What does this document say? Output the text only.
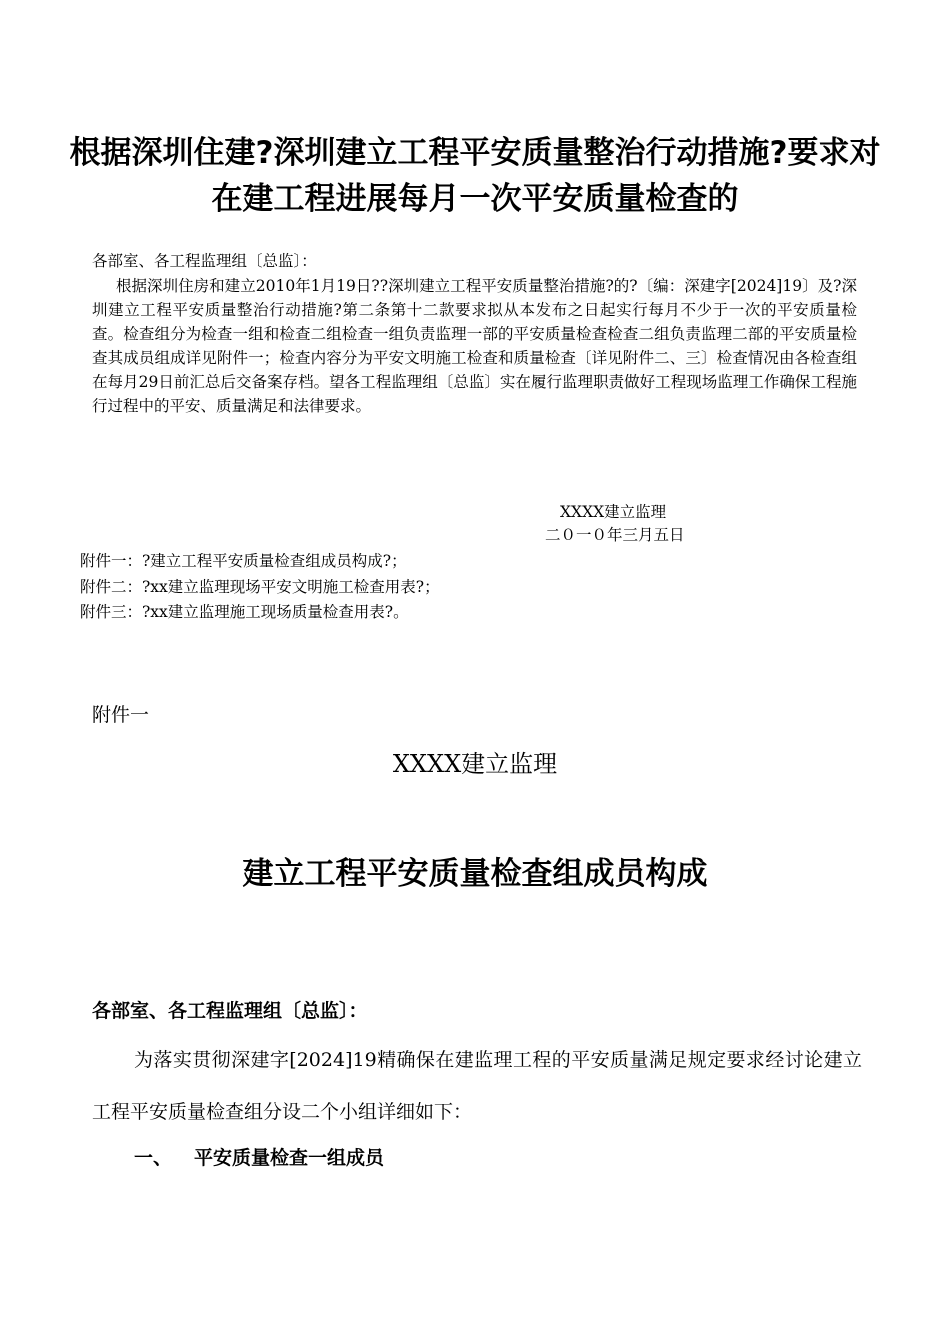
根据深圳住建?深圳建立工程平安质量整治行动措施?要求对在建工程进展每月一次平安质量检查的

各部室、各工程监理组〔总监〕：

根据深圳住房和建立2010年1月19日??深圳建立工程平安质量整治措施?的?〔编：深建字[2024]19〕及?深圳建立工程平安质量整治行动措施?第二条第十二款要求拟从本发布之日起实行每月不少于一次的平安质量检查。检查组分为检查一组和检查二组检查一组负责监理一部的平安质量检查检查二组负责监理二部的平安质量检查其成员组成详见附件一；检查内容分为平安文明施工检查和质量检查〔详见附件二、三〕检查情况由各检查组在每月29日前汇总后交备案存档。望各工程监理组〔总监〕实在履行监理职责做好工程现场监理工作确保工程施行过程中的平安、质量满足和法律要求。

XXXX建立监理

二０一０年三月五日

附件一：?建立工程平安质量检查组成员构成?；

附件二：?xx建立监理现场平安文明施工检查用表?；

附件三：?xx建立监理施工现场质量检查用表?。

附件一

XXXX建立监理

建立工程平安质量检查组成员构成

各部室、各工程监理组〔总监〕：

为落实贯彻深建字[2024]19精确保在建监理工程的平安质量满足规定要求经讨论建立工程平安质量检查组分设二个小组详细如下：

一、 平安质量检查一组成员
